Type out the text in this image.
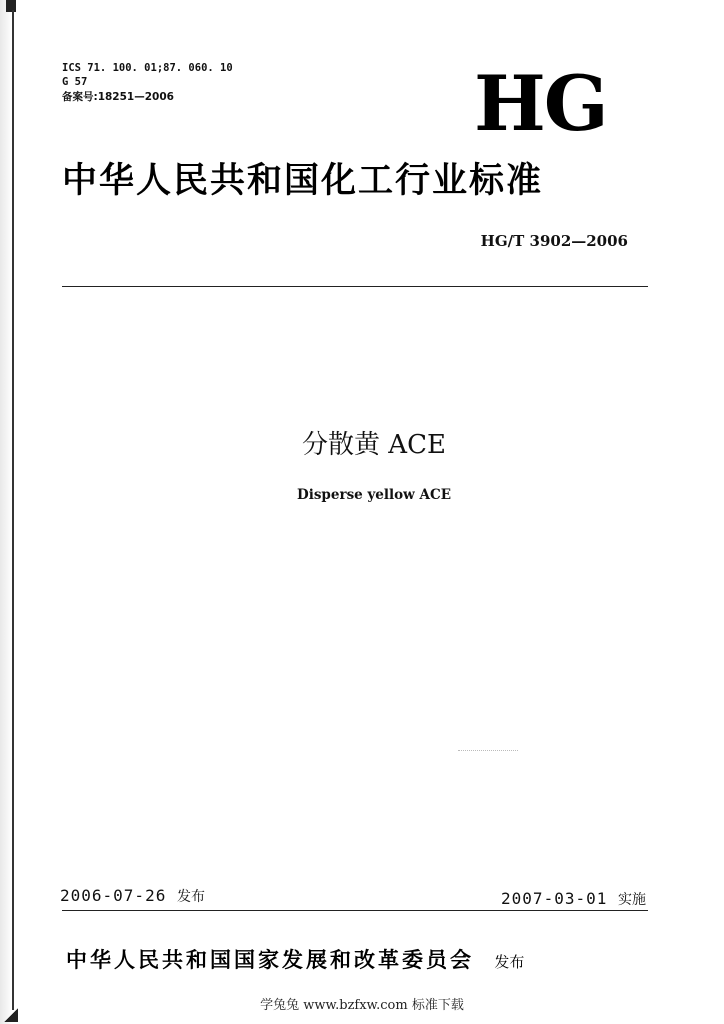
ICS 71. 100. 01;87. 060. 10
G 57
备案号:18251—2006	HG
中华人民共和国化工行业标准
HG/T 3902—2006
分散黄 ACE
Disperse yellow ACE
2006-07-26 发布	2007-03-01 实施
中华人民共和国国家发展和改革委员会 发布
学兔兔 www.bzfxw.com 标准下载
